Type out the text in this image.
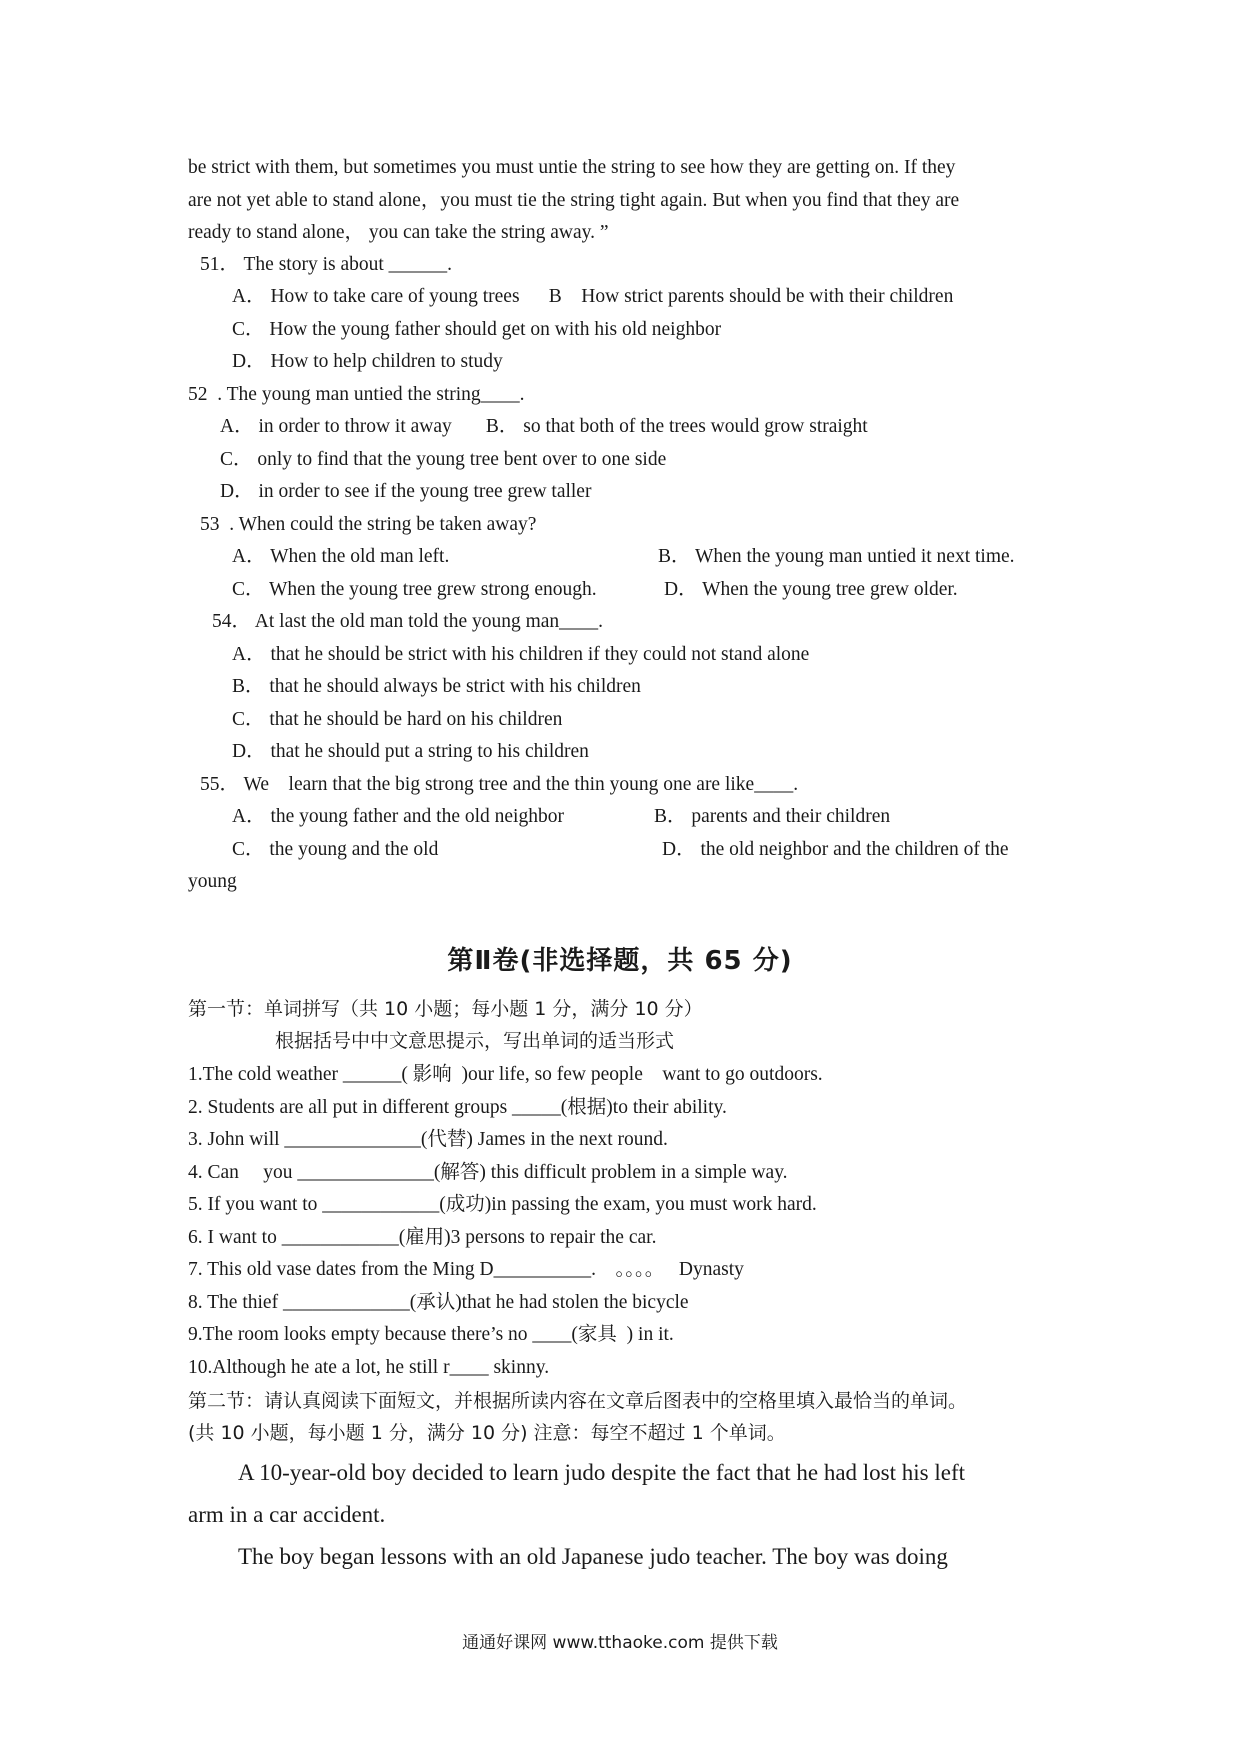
be strict with them, but sometimes you must untie the string to see how they are getting on. If they
are not yet able to stand alone，you must tie the string tight again. But when you find that they are
ready to stand alone， you can take the string away. ”
51． The story is about ______.
A． How to take care of young trees      B    How strict parents should be with their children
C． How the young father should get on with his old neighbor
D． How to help children to study
52  . The young man untied the string____.
A． in order to throw it away       B． so that both of the trees would grow straight
C． only to find that the young tree bent over to one side
D． in order to see if the young tree grew taller
53  . When could the string be taken away?
A． When the old man left.	B． When the young man untied it next time.
C． When the young tree grew strong enough.	D． When the young tree grew older.
54． At last the old man told the young man____.
A． that he should be strict with his children if they could not stand alone
B． that he should always be strict with his children
C． that he should be hard on his children
D． that he should put a string to his children
55． We    learn that the big strong tree and the thin young one are like____.
A． the young father and the old neighbor	B． parents and their children
C． the young and the old	D． the old neighbor and the children of the
young
第Ⅱ卷(非选择题，共 65 分)
第一节：单词拼写（共 10 小题；每小题 1 分，满分 10 分）
根据括号中中文意思提示，写出单词的适当形式
1.The cold weather ______( 影响  )our life, so few people    want to go outdoors.
2. Students are all put in different groups _____(根据)to their ability.
3. John will ______________(代替) James in the next round.
4. Can     you ______________(解答) this difficult problem in a simple way.
5. If you want to ____________(成功)in passing the exam, you must work hard.
6. I want to ____________(雇用)3 persons to repair the car.
7. This old vase dates from the Ming D__________.    。。。。   Dynasty
8. The thief _____________(承认)that he had stolen the bicycle
9.The room looks empty because there’s no ____(家具  ) in it.
10.Although he ate a lot, he still r____ skinny.
第二节：请认真阅读下面短文，并根据所读内容在文章后图表中的空格里填入最恰当的单词。
(共 10 小题，每小题 1 分，满分 10 分) 注意：每空不超过 1 个单词。
A 10-year-old boy decided to learn judo despite the fact that he had lost his left
arm in a car accident.
The boy began lessons with an old Japanese judo teacher. The boy was doing
通通好课网 www.tthaoke.com 提供下载
